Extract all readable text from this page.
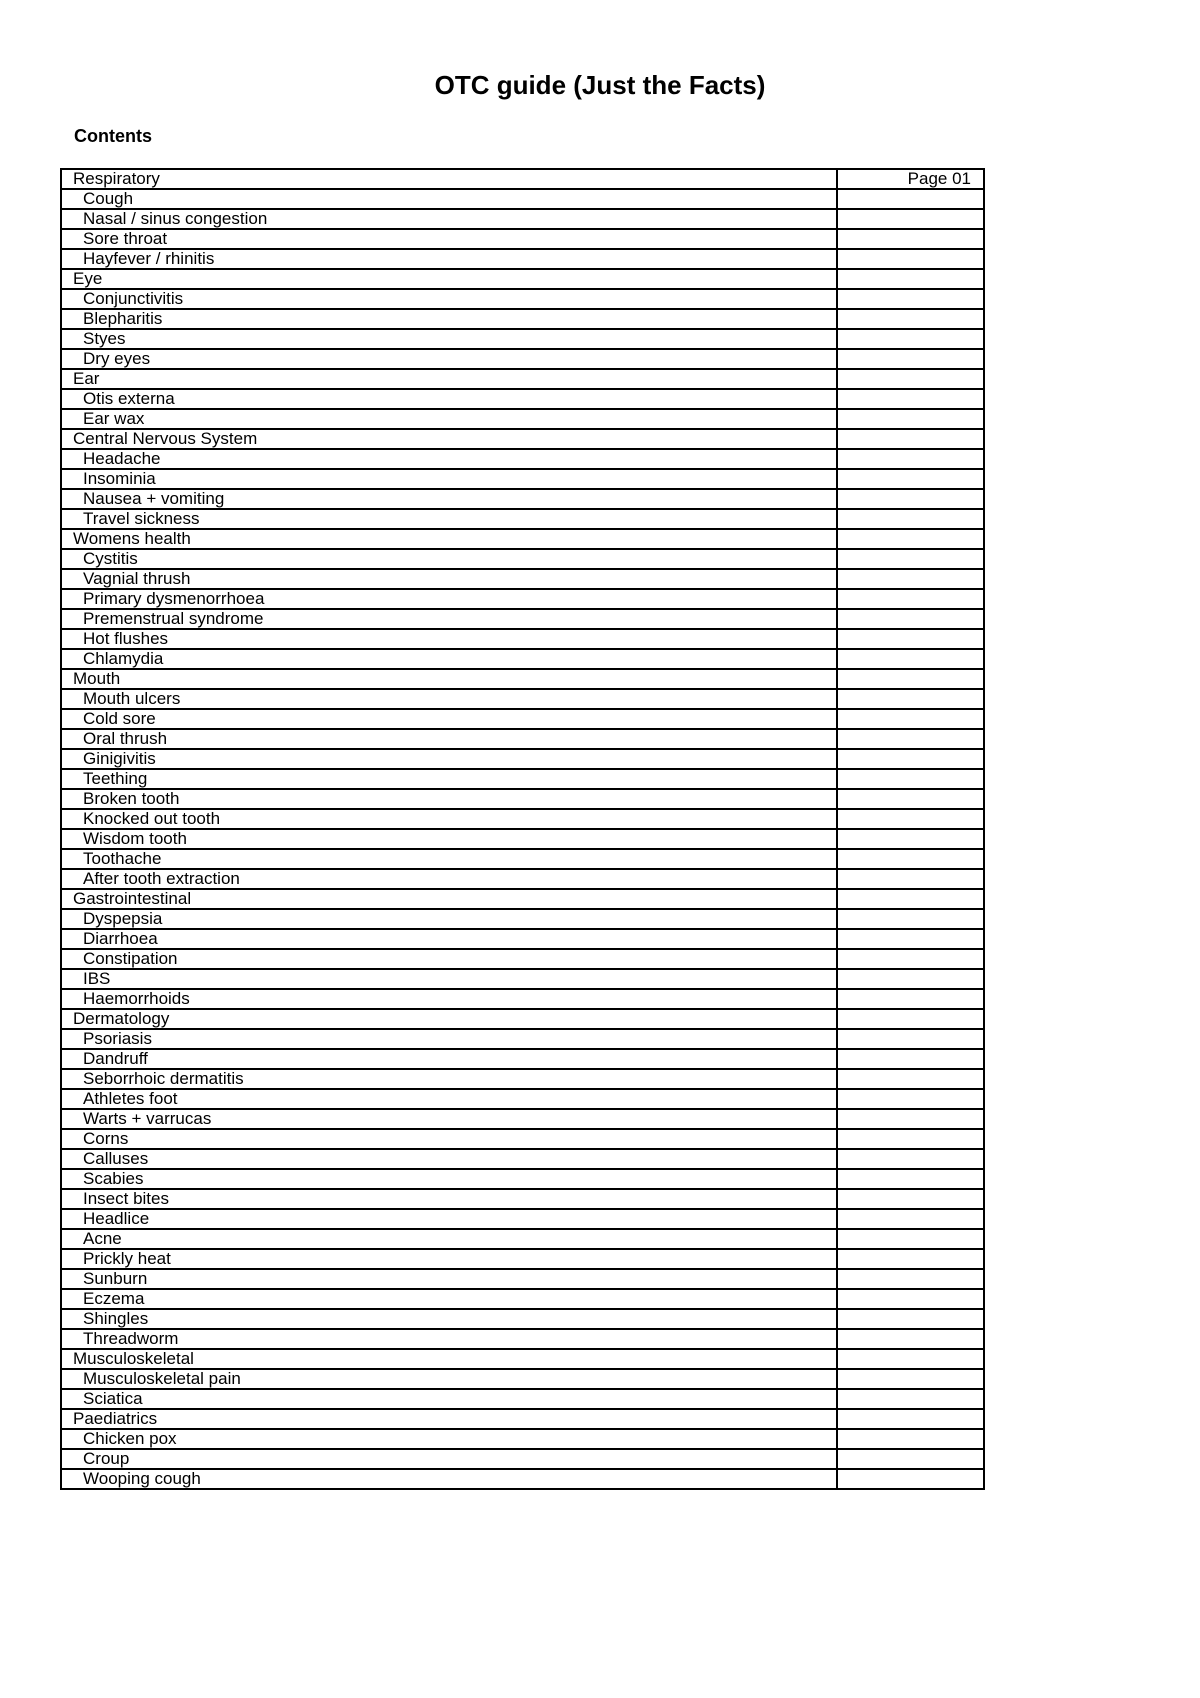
OTC guide (Just the Facts)
Contents
Respiratory	Page 01
Cough	
Nasal / sinus congestion	
Sore throat	
Hayfever / rhinitis	
Eye	
Conjunctivitis	
Blepharitis	
Styes	
Dry eyes	
Ear	
Otis externa	
Ear wax	
Central Nervous System	
Headache	
Insominia	
Nausea + vomiting	
Travel sickness	
Womens health	
Cystitis	
Vagnial thrush	
Primary dysmenorrhoea	
Premenstrual syndrome	
Hot flushes	
Chlamydia	
Mouth	
Mouth ulcers	
Cold sore	
Oral thrush	
Ginigivitis	
Teething	
Broken tooth	
Knocked out tooth	
Wisdom tooth	
Toothache	
After tooth extraction	
Gastrointestinal	
Dyspepsia	
Diarrhoea	
Constipation	
IBS	
Haemorrhoids	
Dermatology	
Psoriasis	
Dandruff	
Seborrhoic dermatitis	
Athletes foot	
Warts + varrucas	
Corns	
Calluses	
Scabies	
Insect bites	
Headlice	
Acne	
Prickly heat	
Sunburn	
Eczema	
Shingles	
Threadworm	
Musculoskeletal	
Musculoskeletal pain	
Sciatica	
Paediatrics	
Chicken pox	
Croup	
Wooping cough	
